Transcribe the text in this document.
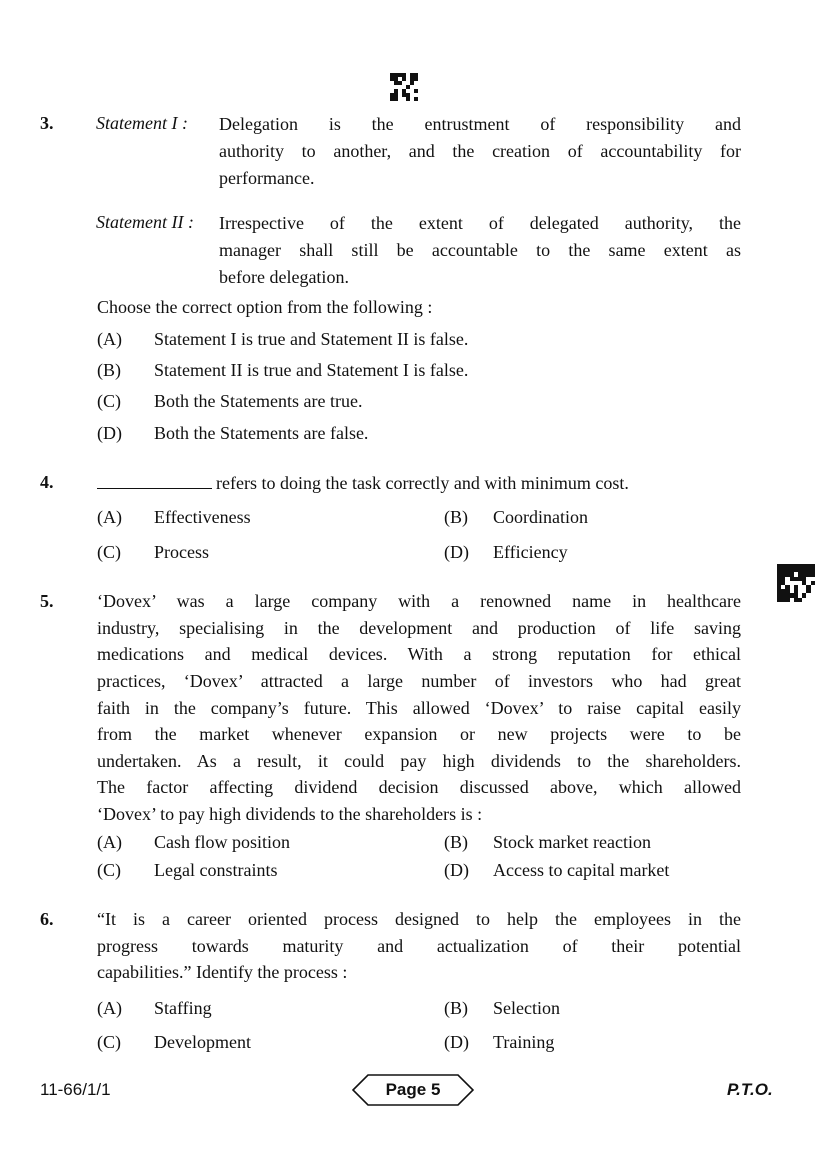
3. Statement I : Delegation is the entrustment of responsibility and
authority to another, and the creation of accountability for
performance.
Statement II : Irrespective of the extent of delegated authority, the
manager shall still be accountable to the same extent as
before delegation.
Choose the correct option from the following :
(A) Statement I is true and Statement II is false.
(B) Statement II is true and Statement I is false.
(C) Both the Statements are true.
(D) Both the Statements are false.
4.	refers to doing the task correctly and with minimum cost.
(A) Effectiveness	(B) Coordination
(C) Process	(D) Efficiency
5. ‘Dovex’ was a large company with a renowned name in healthcare
industry, specialising in the development and production of life saving
medications and medical devices. With a strong reputation for ethical
practices, ‘Dovex’ attracted a large number of investors who had great
faith in the company’s future. This allowed ‘Dovex’ to raise capital easily
from the market whenever expansion or new projects were to be
undertaken. As a result, it could pay high dividends to the shareholders.
The factor affecting dividend decision discussed above, which allowed
‘Dovex’ to pay high dividends to the shareholders is :
(A) Cash flow position	(B) Stock market reaction
(C) Legal constraints	(D) Access to capital market
6. “It is a career oriented process designed to help the employees in the
progress towards maturity and actualization of their potential
capabilities.” Identify the process :
(A) Staffing	(B) Selection
(C) Development	(D) Training
11-66/1/1	Page 5	P.T.O.
